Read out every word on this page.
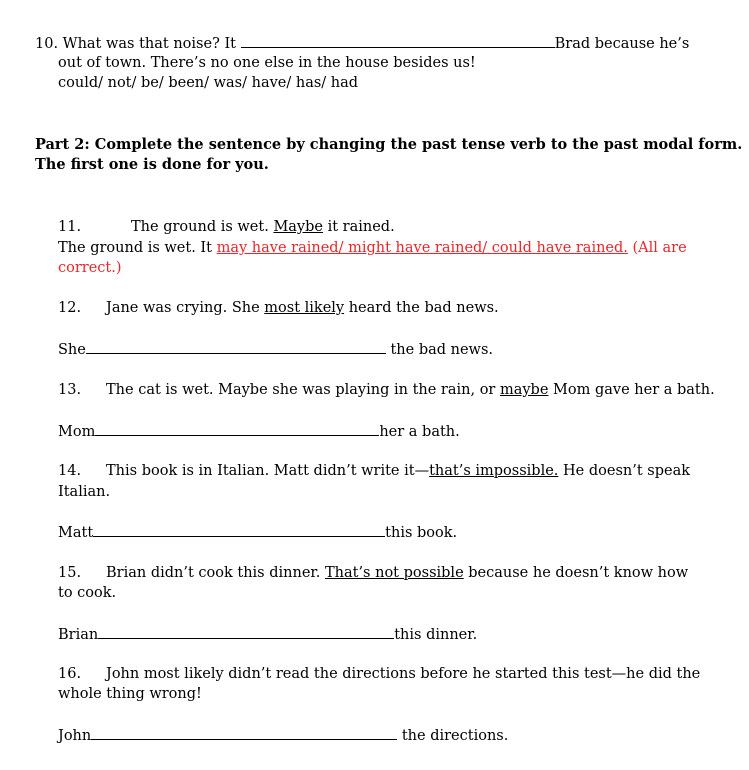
10. What was that noise? It	Brad because he’s
out of town. There’s no one else in the house besides us!
could/ not/ be/ been/ was/ have/ has/ had
Part 2: Complete the sentence by changing the past tense verb to the past modal form.
The first one is done for you.
11.	The ground is wet. Maybe it rained.
The ground is wet. It may have rained/ might have rained/ could have rained. (All are
correct.)
12. Jane was crying. She most likely heard the bad news.
She	the bad news.
13. The cat is wet. Maybe she was playing in the rain, or maybe Mom gave her a bath.
Mom	her a bath.
14. This book is in Italian. Matt didn’t write it—that’s impossible. He doesn’t speak
Italian.
Matt	this book.
15. Brian didn’t cook this dinner. That’s not possible because he doesn’t know how
to cook.
Brian	this dinner.
16. John most likely didn’t read the directions before he started this test—he did the
whole thing wrong!
John	the directions.
